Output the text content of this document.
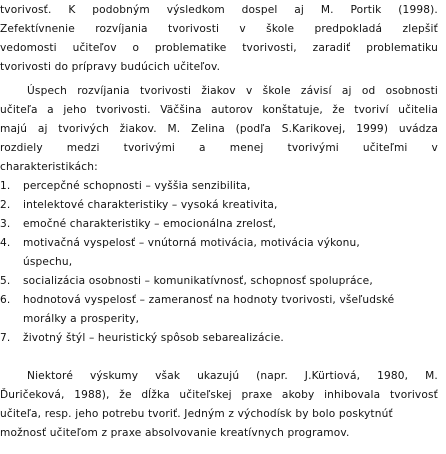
tvorivosť. K podobným výsledkom dospel aj M. Portik (1998).
Zefektívnenie rozvíjania tvorivosti v škole predpokladá zlepšiť
vedomosti učiteľov o problematike tvorivosti, zaradiť problematiku
tvorivosti do prípravy budúcich učiteľov.
Úspech rozvíjania tvorivosti žiakov v škole závisí aj od osobnosti
učiteľa a jeho tvorivosti. Väčšina autorov konštatuje, že tvoriví učitelia
majú aj tvorivých žiakov. M. Zelina (podľa S.Karikovej, 1999) uvádza
rozdiely medzi tvorivými a menej tvorivými učiteľmi v
charakteristikách:
1. percepčné schopnosti – vyššia senzibilita,
2. intelektové charakteristiky – vysoká kreativita,
3. emočné charakteristiky – emocionálna zrelosť,
4. motivačná vyspelosť – vnútorná motivácia, motivácia výkonu,
úspechu,
5. socializácia osobnosti – komunikatívnosť, schopnosť spolupráce,
6. hodnotová vyspelosť – zameranosť na hodnoty tvorivosti, všeľudské
morálky a prosperity,
7. životný štýl – heuristický spôsob sebarealizácie.
Niektoré výskumy však ukazujú (napr. J.Kürtiová, 1980, M.
Ďuričeková, 1988), že dĺžka učiteľskej praxe akoby inhibovala tvorivosť
učiteľa, resp. jeho potrebu tvoriť. Jedným z východísk by bolo poskytnúť
možnosť učiteľom z praxe absolvovanie kreatívnych programov.
